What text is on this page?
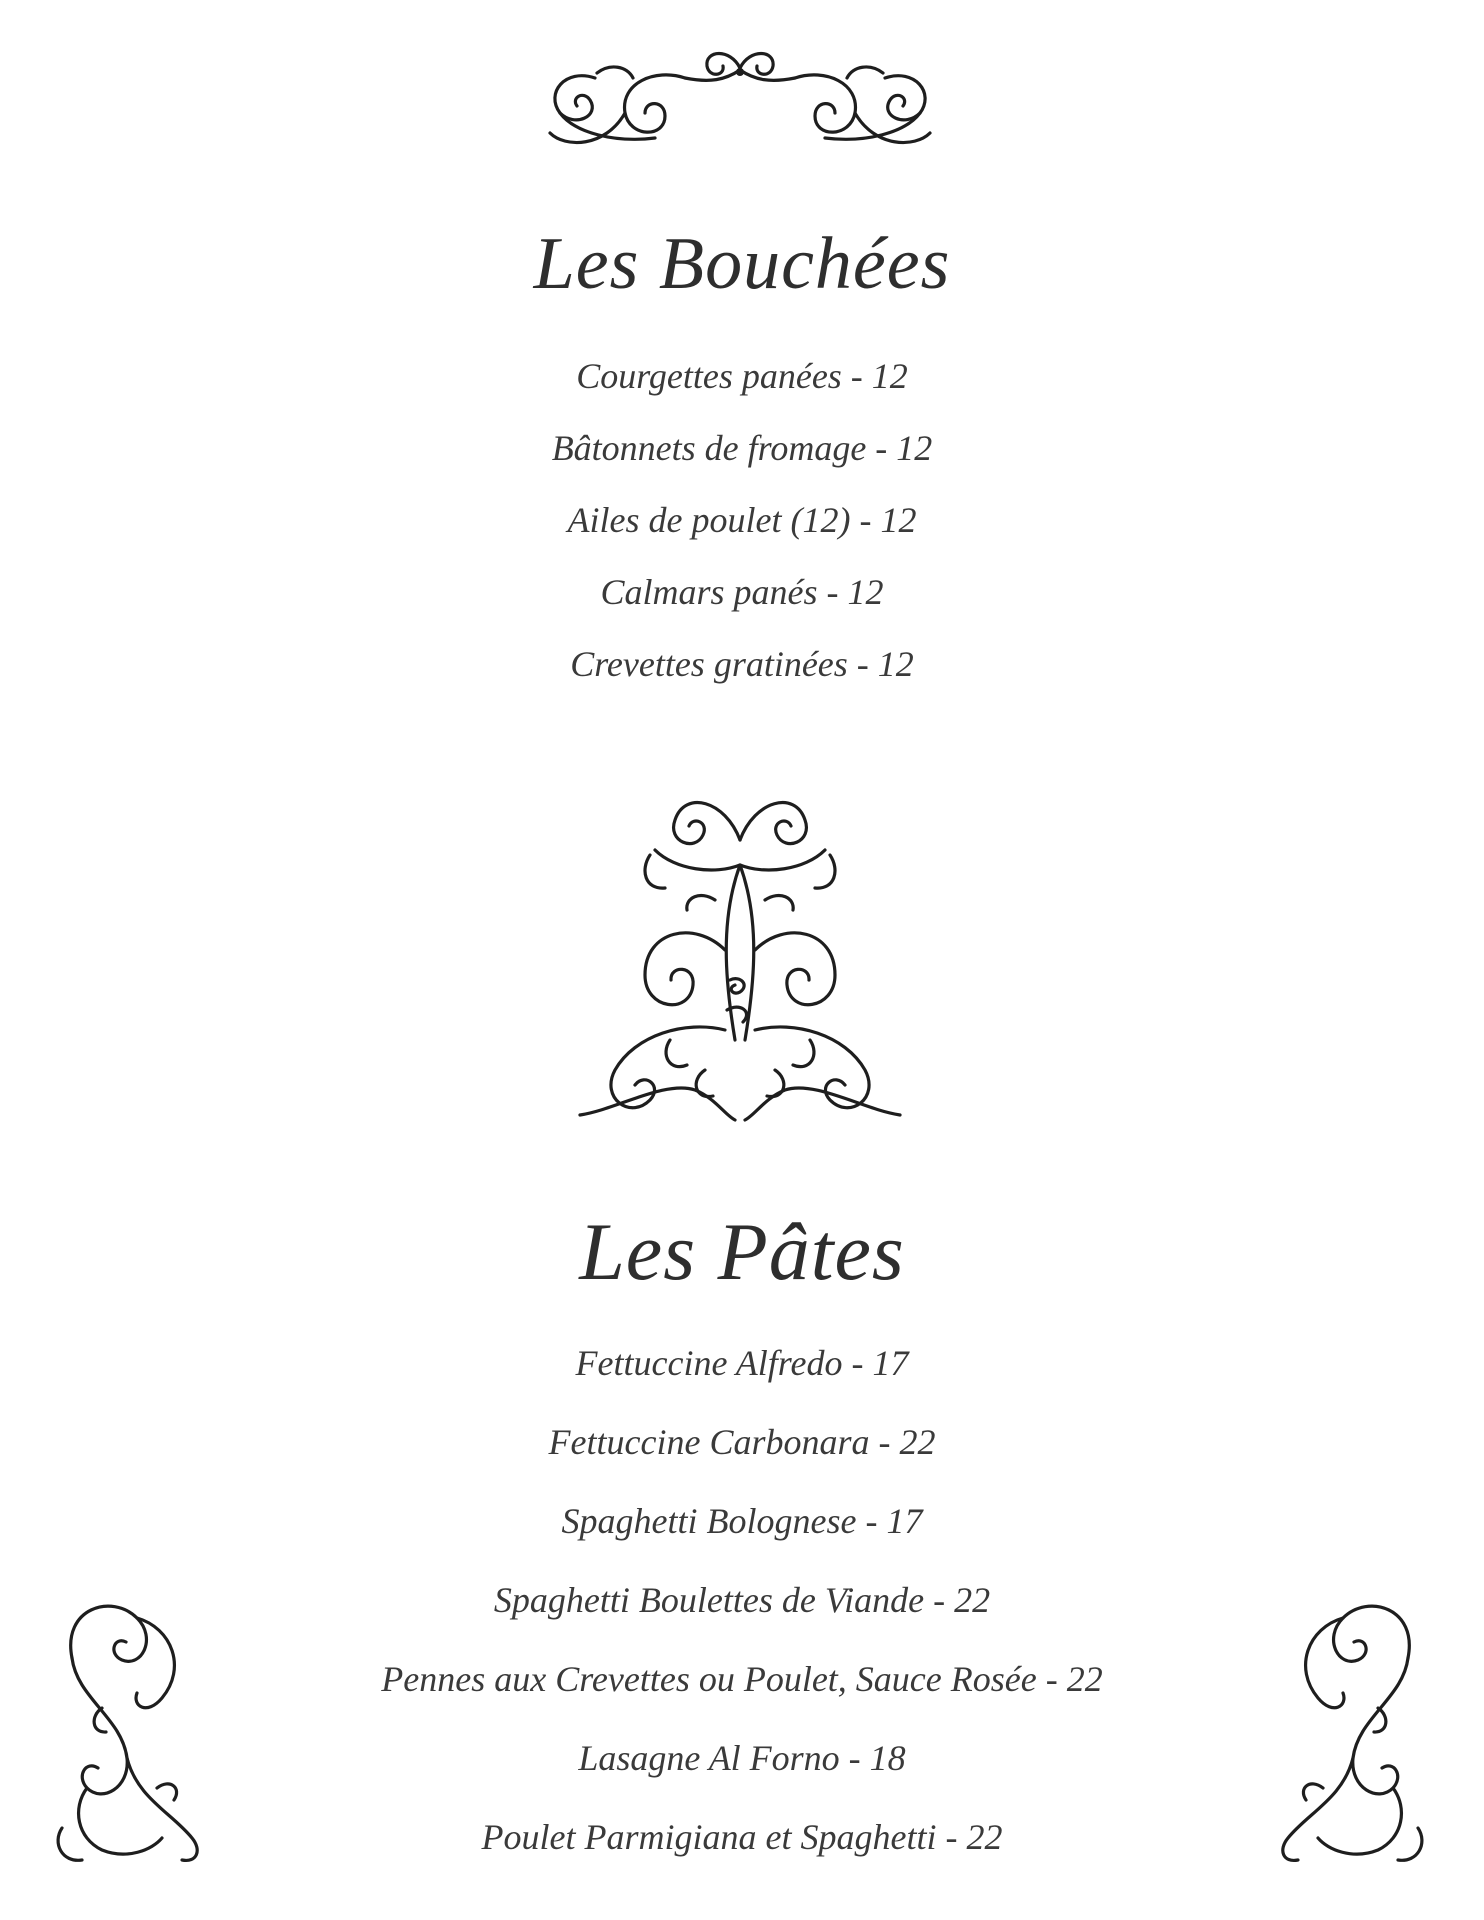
Les Bouchées
Courgettes panées - 12
Bâtonnets de fromage - 12
Ailes de poulet (12) - 12
Calmars panés - 12
Crevettes gratinées - 12
Les Pâtes
Fettuccine Alfredo - 17
Fettuccine Carbonara - 22
Spaghetti Bolognese - 17
Spaghetti Boulettes de Viande - 22
Pennes aux Crevettes ou Poulet, Sauce Rosée - 22
Lasagne Al Forno - 18
Poulet Parmigiana et Spaghetti - 22
